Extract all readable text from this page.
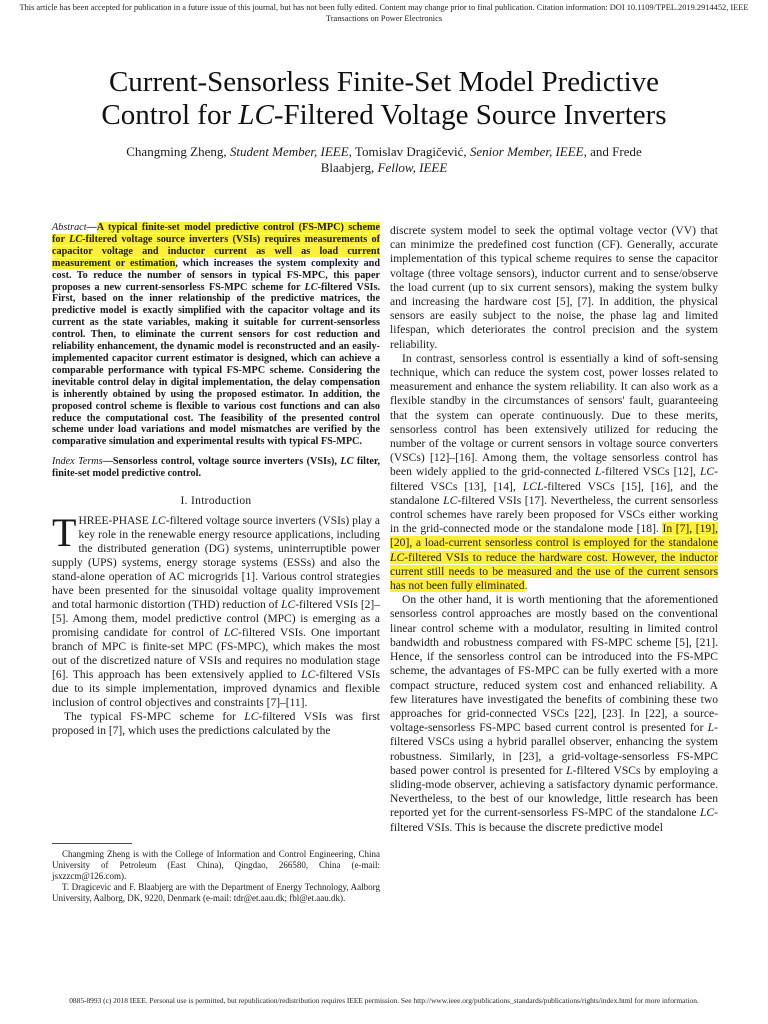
This article has been accepted for publication in a future issue of this journal, but has not been fully edited. Content may change prior to final publication. Citation information: DOI 10.1109/TPEL.2019.2914452, IEEE
Transactions on Power Electronics
Current-Sensorless Finite-Set Model Predictive
Control for LC-Filtered Voltage Source Inverters
Changming Zheng, Student Member, IEEE, Tomislav Dragičević, Senior Member, IEEE, and Frede
Blaabjerg, Fellow, IEEE

Abstract—A typical finite-set model predictive control (FS-MPC) scheme for LC-filtered voltage source inverters (VSIs) requires measurements of capacitor voltage and inductor current as well as load current measurement or estimation, which increases the system complexity and cost. To reduce the number of sensors in typical FS-MPC, this paper proposes a new current-sensorless FS-MPC scheme for LC-filtered VSIs. First, based on the inner relationship of the predictive matrices, the predictive model is exactly simplified with the capacitor voltage and its current as the state variables, making it suitable for current-sensorless control. Then, to eliminate the current sensors for cost reduction and reliability enhancement, the dynamic model is reconstructed and an easily-implemented capacitor current estimator is designed, which can achieve a comparable performance with typical FS-MPC scheme. Considering the inevitable control delay in digital implementation, the delay compensation is inherently obtained by using the proposed estimator. In addition, the proposed control scheme is flexible to various cost functions and can also reduce the computational cost. The feasibility of the presented control scheme under load variations and model mismatches are verified by the comparative simulation and experimental results with typical FS-MPC.

Index Terms—Sensorless control, voltage source inverters (VSIs), LC filter, finite-set model predictive control.

I. Introduction

THREE-PHASE LC-filtered voltage source inverters (VSIs) play a key role in the renewable energy resource applications, including the distributed generation (DG) systems, uninterruptible power supply (UPS) systems, energy storage systems (ESSs) and also the stand-alone operation of AC microgrids [1]. Various control strategies have been presented for the sinusoidal voltage quality improvement and total harmonic distortion (THD) reduction of LC-filtered VSIs [2]–[5]. Among them, model predictive control (MPC) is emerging as a promising candidate for control of LC-filtered VSIs. One important branch of MPC is finite-set MPC (FS-MPC), which makes the most out of the discretized nature of VSIs and requires no modulation stage [6]. This approach has been extensively applied to LC-filtered VSIs due to its simple implementation, improved dynamics and flexible inclusion of control objectives and constraints [7]–[11].

The typical FS-MPC scheme for LC-filtered VSIs was first proposed in [7], which uses the predictions calculated by the

Changming Zheng is with the College of Information and Control Engineering, China University of Petroleum (East China), Qingdao, 266580, China (e-mail: jsxzzcm@126.com).

T. Dragicevic and F. Blaabjerg are with the Department of Energy Technology, Aalborg University, Aalborg, DK, 9220, Denmark (e-mail: tdr@et.aau.dk; fbl@et.aau.dk).

discrete system model to seek the optimal voltage vector (VV) that can minimize the predefined cost function (CF). Generally, accurate implementation of this typical scheme requires to sense the capacitor voltage (three voltage sensors), inductor current and to sense/observe the load current (up to six current sensors), making the system bulky and increasing the hardware cost [5], [7]. In addition, the physical sensors are easily subject to the noise, the phase lag and limited lifespan, which deteriorates the control precision and the system reliability.

In contrast, sensorless control is essentially a kind of soft-sensing technique, which can reduce the system cost, power losses related to measurement and enhance the system reliability. It can also work as a flexible standby in the circumstances of sensors' fault, guaranteeing that the system can operate continuously. Due to these merits, sensorless control has been extensively utilized for reducing the number of the voltage or current sensors in voltage source converters (VSCs) [12]–[16]. Among them, the voltage sensorless control has been widely applied to the grid-connected L-filtered VSCs [12], LC-filtered VSCs [13], [14], LCL-filtered VSCs [15], [16], and the standalone LC-filtered VSIs [17]. Nevertheless, the current sensorless control schemes have rarely been proposed for VSCs either working in the grid-connected mode or the standalone mode [18]. In [7], [19], [20], a load-current sensorless control is employed for the standalone LC-filtered VSIs to reduce the hardware cost. However, the inductor current still needs to be measured and the use of the current sensors has not been fully eliminated.

On the other hand, it is worth mentioning that the aforementioned sensorless control approaches are mostly based on the conventional linear control scheme with a modulator, resulting in limited control bandwidth and robustness compared with FS-MPC scheme [5], [21]. Hence, if the sensorless control can be introduced into the FS-MPC scheme, the advantages of FS-MPC can be fully exerted with a more compact structure, reduced system cost and enhanced reliability. A few literatures have investigated the benefits of combining these two approaches for grid-connected VSCs [22], [23]. In [22], a source-voltage-sensorless FS-MPC based current control is presented for L-filtered VSCs using a hybrid parallel observer, enhancing the system robustness. Similarly, in [23], a grid-voltage-sensorless FS-MPC based power control is presented for L-filtered VSCs by employing a sliding-mode observer, achieving a satisfactory dynamic performance. Nevertheless, to the best of our knowledge, little research has been reported yet for the current-sensorless FS-MPC of the standalone LC-filtered VSIs. This is because the discrete predictive model

0885-8993 (c) 2018 IEEE. Personal use is permitted, but republication/redistribution requires IEEE permission. See http://www.ieee.org/publications_standards/publications/rights/index.html for more information.
